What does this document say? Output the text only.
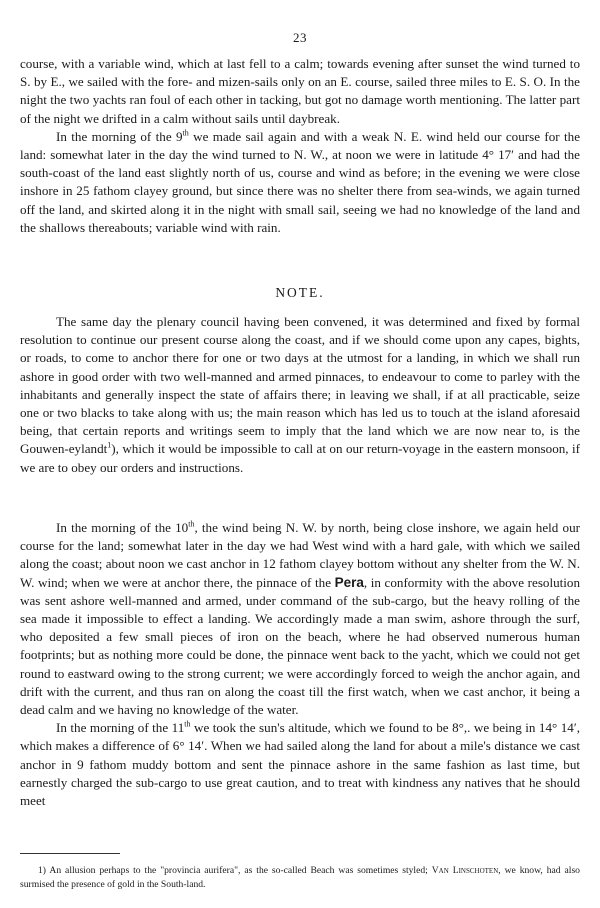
23

course, with a variable wind, which at last fell to a calm; towards evening after sunset the wind turned to S. by E., we sailed with the fore- and mizen-sails only on an E. course, sailed three miles to E. S. O. In the night the two yachts ran foul of each other in tacking, but got no damage worth mentioning. The latter part of the night we drifted in a calm without sails until daybreak.

In the morning of the 9th we made sail again and with a weak N. E. wind held our course for the land: somewhat later in the day the wind turned to N. W., at noon we were in latitude 4° 17′ and had the south-coast of the land east slightly north of us, course and wind as before; in the evening we were close inshore in 25 fathom clayey ground, but since there was no shelter there from sea-winds, we again turned off the land, and skirted along it in the night with small sail, seeing we had no knowledge of the land and the shallows thereabouts; variable wind with rain.

NOTE.

The same day the plenary council having been convened, it was determined and fixed by formal resolution to continue our present course along the coast, and if we should come upon any capes, bights, or roads, to come to anchor there for one or two days at the utmost for a landing, in which we shall run ashore in good order with two well-manned and armed pinnaces, to endeavour to come to parley with the inhabitants and generally inspect the state of affairs there; in leaving we shall, if at all practicable, seize one or two blacks to take along with us; the main reason which has led us to touch at the island aforesaid being, that certain reports and writings seem to imply that the land which we are now near to, is the Gouwen-eylandt$^1$), which it would be impossible to call at on our return-voyage in the eastern monsoon, if we are to obey our orders and instructions.

In the morning of the 10th, the wind being N. W. by north, being close inshore, we again held our course for the land; somewhat later in the day we had West wind with a hard gale, with which we sailed along the coast; about noon we cast anchor in 12 fathom clayey bottom without any shelter from the W. N. W. wind; when we were at anchor there, the pinnace of the Pera, in conformity with the above resolution was sent ashore well-manned and armed, under command of the sub-cargo, but the heavy rolling of the sea made it impossible to effect a landing. We accordingly made a man swim, ashore through the surf, who deposited a few small pieces of iron on the beach, where he had observed numerous human footprints; but as nothing more could be done, the pinnace went back to the yacht, which we could not get round to eastward owing to the strong current; we were accordingly forced to weigh the anchor again, and drift with the current, and thus ran on along the coast till the first watch, when we cast anchor, it being a dead calm and we having no knowledge of the water.

In the morning of the 11th we took the sun's altitude, which we found to be 8°,. we being in 14° 14′, which makes a difference of 6° 14′. When we had sailed along the land for about a mile's distance we cast anchor in 9 fathom muddy bottom and sent the pinnace ashore in the same fashion as last time, but earnestly charged the sub-cargo to use great caution, and to treat with kindness any natives that he should meet

1) An allusion perhaps to the "provincia aurifera", as the so-called Beach was sometimes styled; Van Linschoten, we know, had also surmised the presence of gold in the South-land.
